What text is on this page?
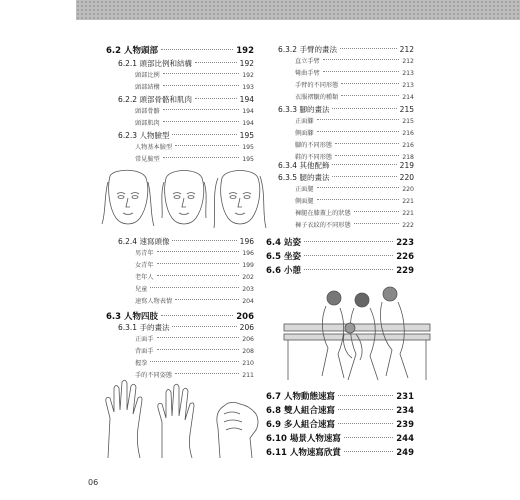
6.2 人物頭部	192
6.2.1 頭部比例和結構	192
頭部比例	192
頭部結構	193
6.2.2 頭部骨骼和肌肉	194
頭部骨骼	194
頭部肌肉	194
6.2.3 人物臉型	195
人物基本臉型	195
常見臉型	195
6.2.4 速寫頭像	196
男青年	196
女青年	199
老年人	202
兒童	203
速寫人物表情	204
6.3 人物四肢	206
6.3.1 手的畫法	206
正面手	206
背面手	208
握拳	210
手的不同姿態	211
6.3.2 手臂的畫法	212
直立手臂	212
彎曲手臂	213
手臂的不同形態	213
衣服褶皺的種類	214
6.3.3 腳的畫法	215
正面腳	215
側面腳	216
腳的不同形態	216
鞋的不同形態	218
6.3.4 其他配飾	219
6.3.5 腿的畫法	220
正面腿	220
側面腿	221
褲腿在膝蓋上的狀態	221
褲子衣紋的不同形態	222
6.4 站姿	223
6.5 坐姿	226
6.6 小憩	229
6.7 人物動態速寫	231
6.8 雙人組合速寫	234
6.9 多人組合速寫	239
6.10 場景人物速寫	244
6.11 人物速寫欣賞	249
06
